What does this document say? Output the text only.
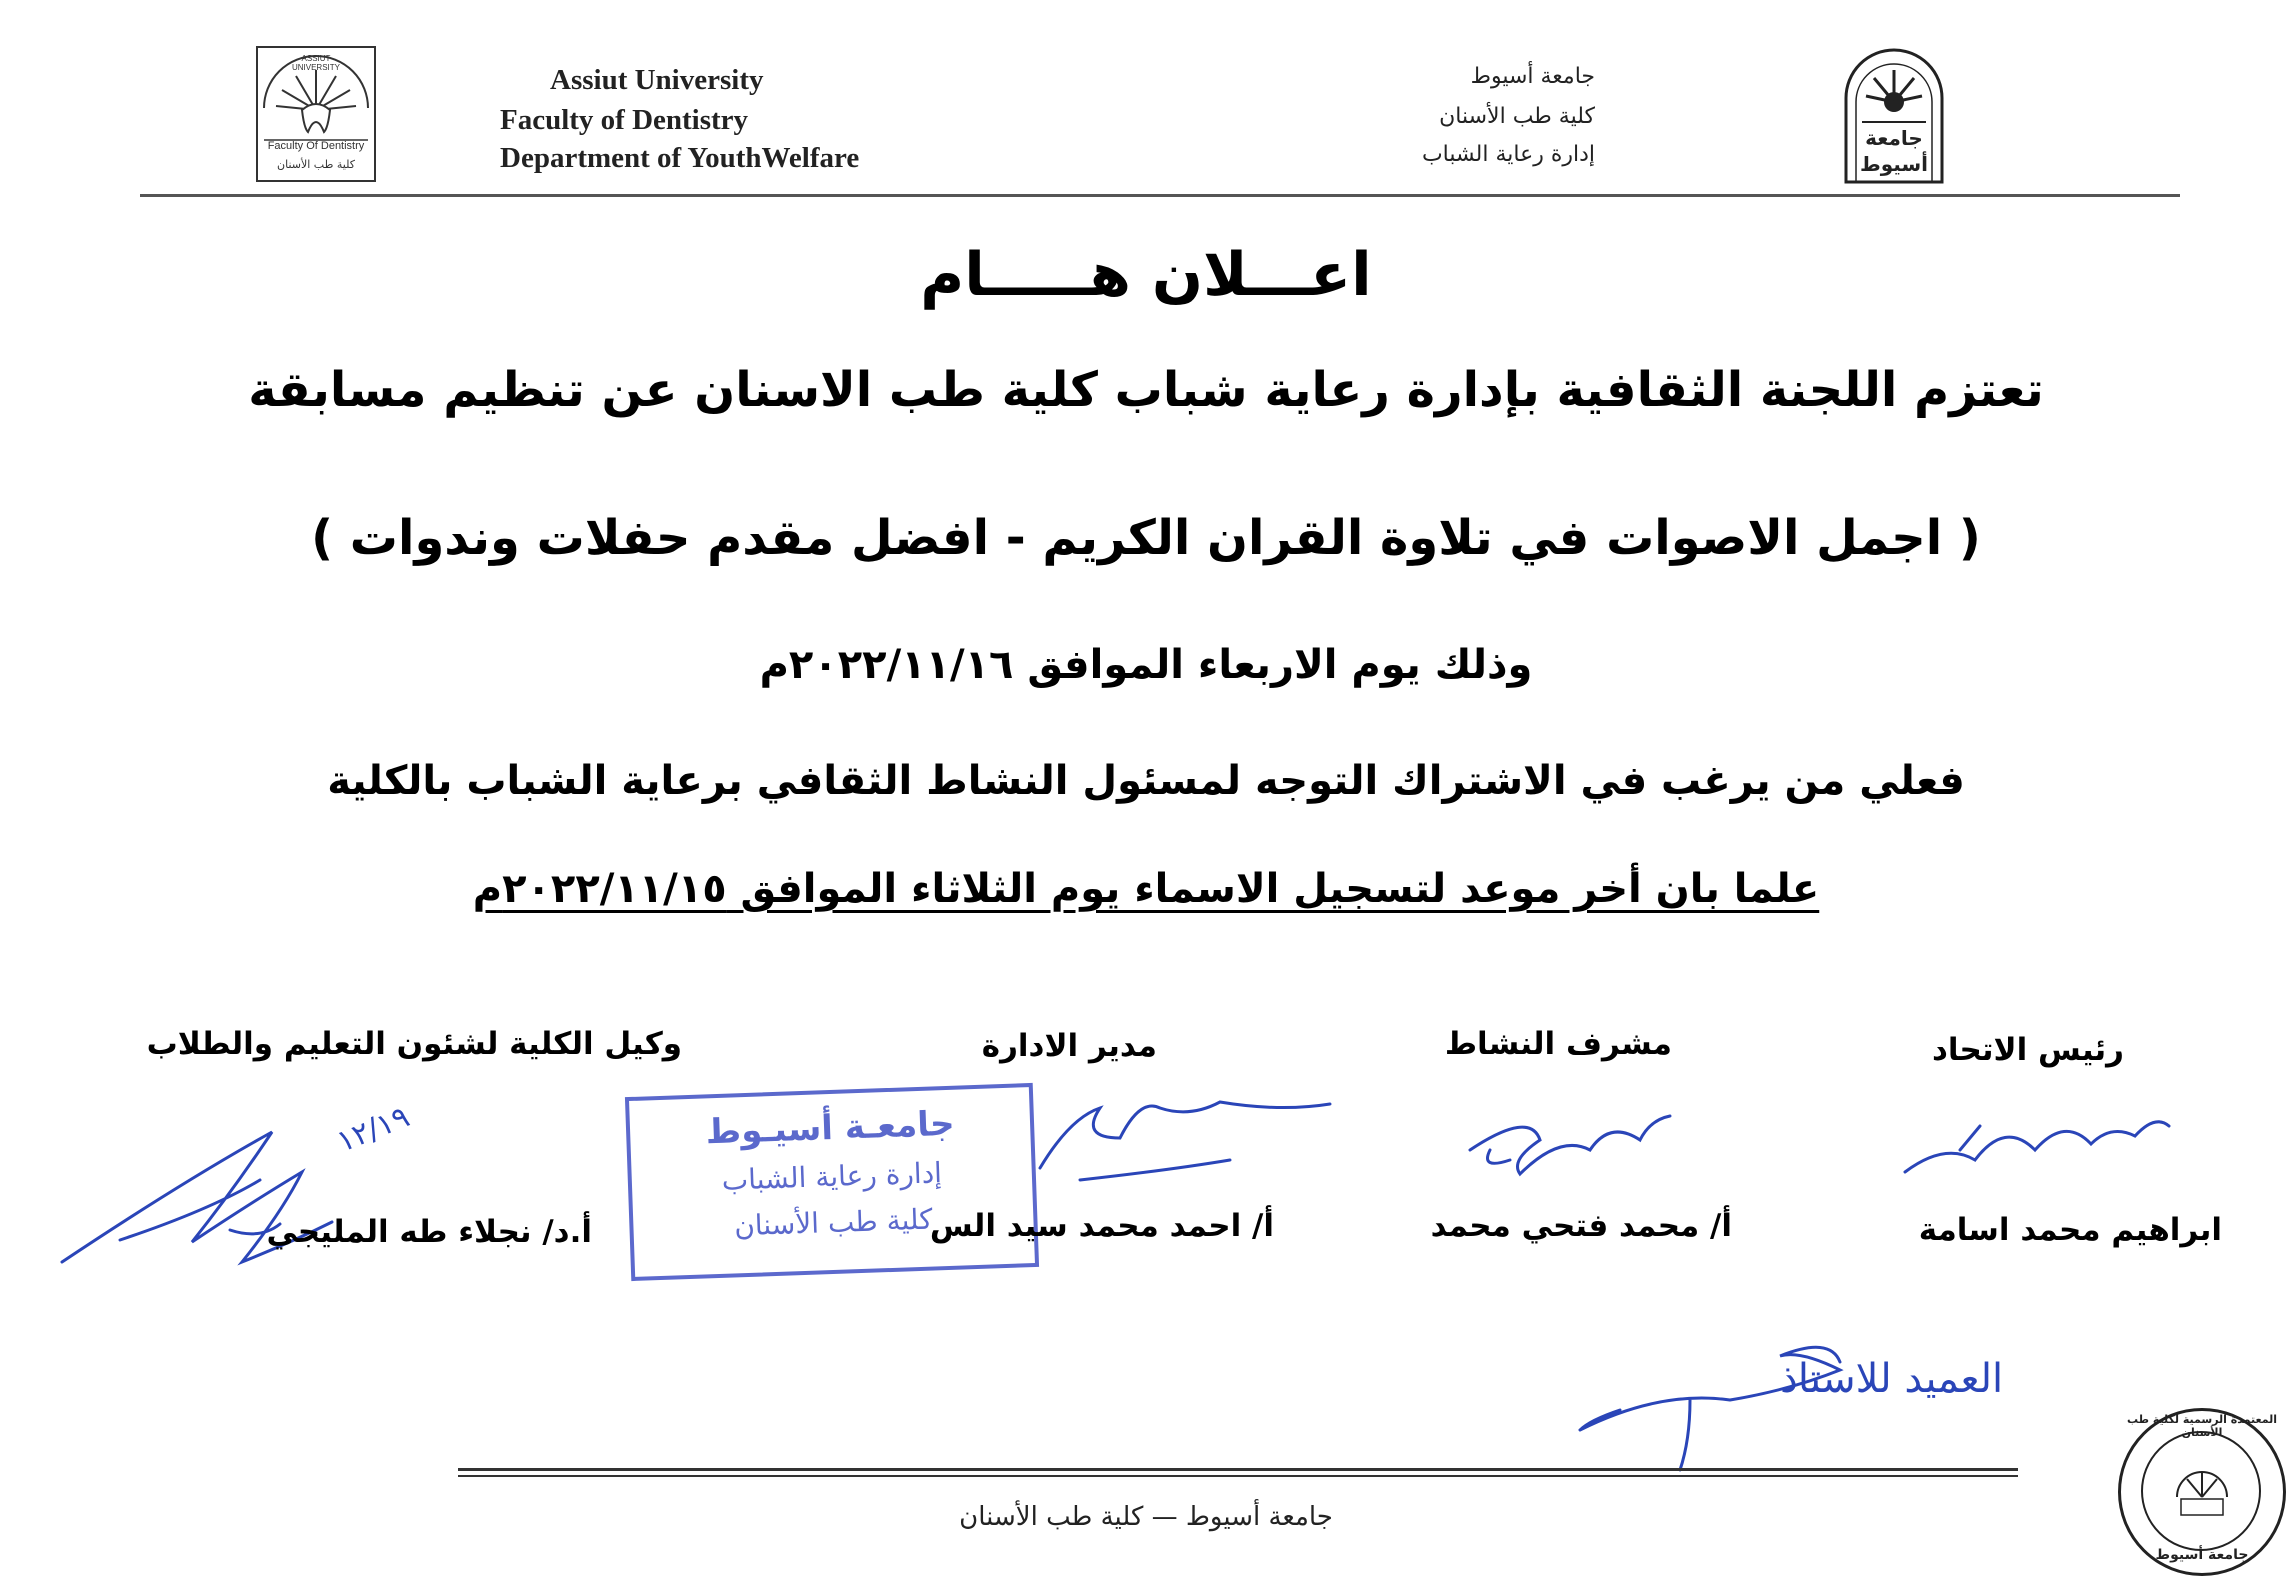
Faculty Of Dentistry
كلية طب الأسنان
ASSIUT UNIVERSITY	Assiut University
Faculty of Dentistry
Department of YouthWelfare
جامعة أسيوط
كلية طب الأسنان
إدارة رعاية الشباب
جامعة
أسيوط
اعـــلان هـــــام
تعتزم اللجنة الثقافية بإدارة رعاية شباب كلية طب الاسنان عن تنظيم مسابقة
( اجمل الاصوات في تلاوة القران الكريم - افضل مقدم حفلات وندوات )
وذلك يوم الاربعاء الموافق ٢٠٢٢/١١/١٦م
فعلي من يرغب في الاشتراك التوجه لمسئول النشاط الثقافي برعاية الشباب بالكلية
علما بان أخر موعد لتسجيل الاسماء يوم الثلاثاء الموافق ٢٠٢٢/١١/١٥م
رئيس الاتحاد
مشرف النشاط
مدير الادارة
وكيل الكلية لشئون التعليم والطلاب
جامعـة أسيـوط
إدارة رعاية الشباب
كلية طب الأسنان
١٢/١٩
العميد للاستاذ
ابراهيم محمد اسامة
أ/ محمد فتحي محمد
أ/ احمد محمد سيد الس
أ.د/ نجلاء طه المليجي
جامعة أسيوط — كلية طب الأسنان
المعتمدة الرسمية لكلية طب الأسنان
جامعة أسيوط
